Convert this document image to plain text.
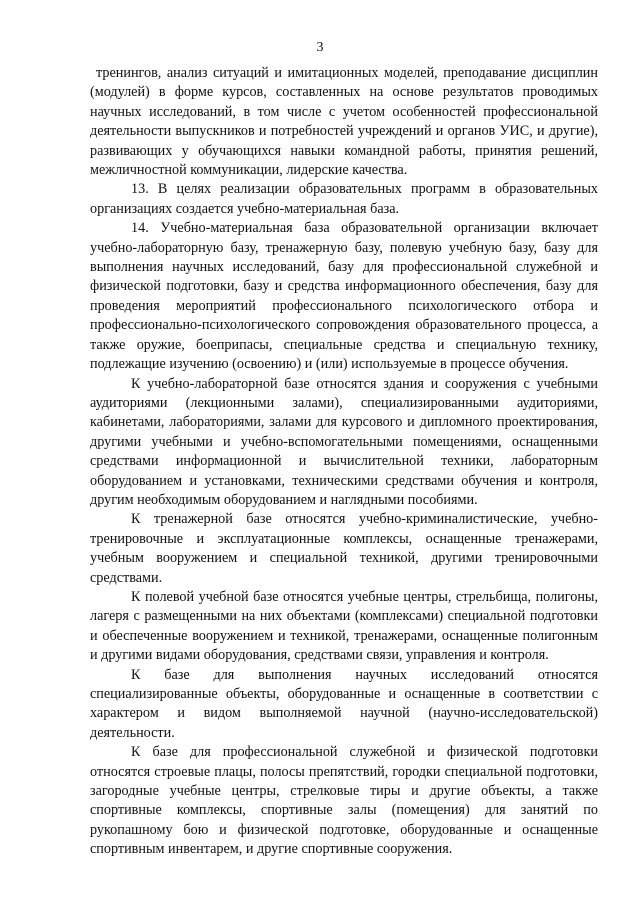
3

тренингов, анализ ситуаций и имитационных моделей, преподавание дисциплин (модулей) в форме курсов, составленных на основе результатов проводимых научных исследований, в том числе с учетом особенностей профессиональной деятельности выпускников и потребностей учреждений и органов УИС, и другие), развивающих у обучающихся навыки командной работы, принятия решений, межличностной коммуникации, лидерские качества.

13. В целях реализации образовательных программ в образовательных организациях создается учебно-материальная база.

14. Учебно-материальная база образовательной организации включает учебно-лабораторную базу, тренажерную базу, полевую учебную базу, базу для выполнения научных исследований, базу для профессиональной служебной и физической подготовки, базу и средства информационного обеспечения, базу для проведения мероприятий профессионального психологического отбора и профессионально-психологического сопровождения образовательного процесса, а также оружие, боеприпасы, специальные средства и специальную технику, подлежащие изучению (освоению) и (или) используемые в процессе обучения.

К учебно-лабораторной базе относятся здания и сооружения с учебными аудиториями (лекционными залами), специализированными аудиториями, кабинетами, лабораториями, залами для курсового и дипломного проектирования, другими учебными и учебно-вспомогательными помещениями, оснащенными средствами информационной и вычислительной техники, лабораторным оборудованием и установками, техническими средствами обучения и контроля, другим необходимым оборудованием и наглядными пособиями.

К тренажерной базе относятся учебно-криминалистические, учебно-тренировочные и эксплуатационные комплексы, оснащенные тренажерами, учебным вооружением и специальной техникой, другими тренировочными средствами.

К полевой учебной базе относятся учебные центры, стрельбища, полигоны, лагеря с размещенными на них объектами (комплексами) специальной подготовки и обеспеченные вооружением и техникой, тренажерами, оснащенные полигонным и другими видами оборудования, средствами связи, управления и контроля.

К базе для выполнения научных исследований относятся специализированные объекты, оборудованные и оснащенные в соответствии с характером и видом выполняемой научной (научно-исследовательской) деятельности.

К базе для профессиональной служебной и физической подготовки относятся строевые плацы, полосы препятствий, городки специальной подготовки, загородные учебные центры, стрелковые тиры и другие объекты, а также спортивные комплексы, спортивные залы (помещения) для занятий по рукопашному бою и физической подготовке, оборудованные и оснащенные спортивным инвентарем, и другие спортивные сооружения.
